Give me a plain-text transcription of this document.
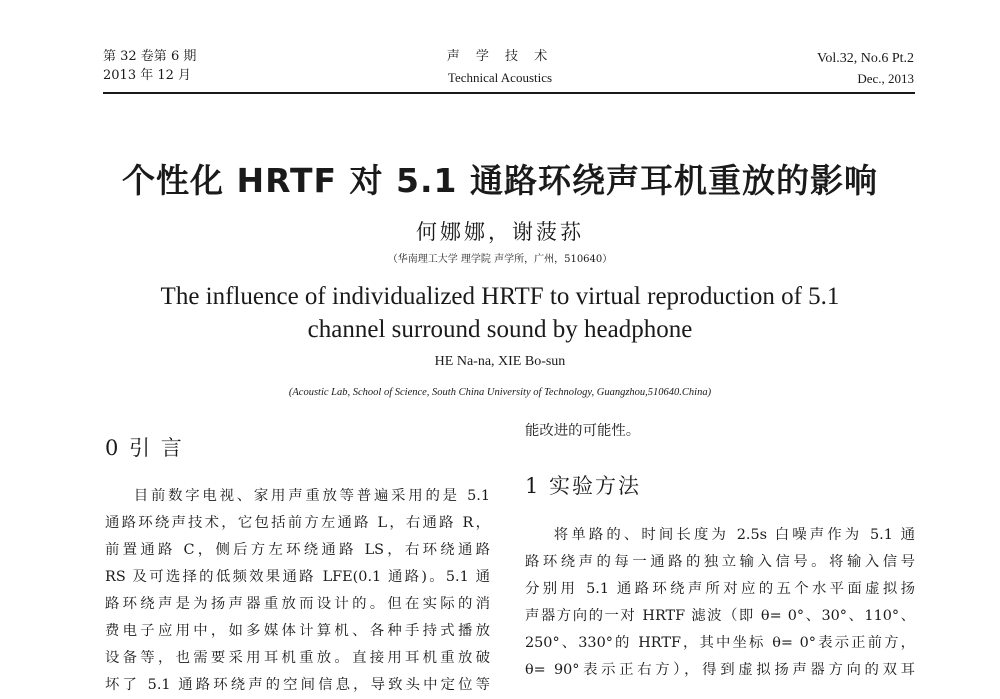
第 32 卷第 6 期
2013 年 12 月
声 学 技 术
Technical Acoustics
Vol.32, No.6 Pt.2
Dec., 2013
个性化 HRTF 对 5.1 通路环绕声耳机重放的影响
何娜娜，谢菠荪
（华南理工大学 理学院 声学所，广州，510640）
The influence of individualized HRTF to virtual reproduction of 5.1
channel surround sound by headphone
HE Na-na, XIE Bo-sun
(Acoustic Lab, School of Science, South China University of Technology, Guangzhou,510640.China)
0 引 言
目前数字电视、家用声重放等普遍采用的是 5.1
通路环绕声技术，它包括前方左通路 L，右通路 R，
前置通路 C，侧后方左环绕通路 LS，右环绕通路
RS 及可选择的低频效果通路 LFE(0.1 通路)。5.1 通
路环绕声是为扬声器重放而设计的。但在实际的消
费电子应用中，如多媒体计算机、各种手持式播放
设备等，也需要采用耳机重放。直接用耳机重放破
坏了 5.1 通路环绕声的空间信息，导致头中定位等
能改进的可能性。
1 实验方法
将单路的、时间长度为 2.5s 白噪声作为 5.1 通
路环绕声的每一通路的独立输入信号。将输入信号
分别用 5.1 通路环绕声所对应的五个水平面虚拟扬
声器方向的一对 HRTF 滤波（即 θ= 0°、30°、110°、
250°、330°的 HRTF，其中坐标 θ= 0°表示正前方，
θ= 90°表示正右方），得到虚拟扬声器方向的双耳
